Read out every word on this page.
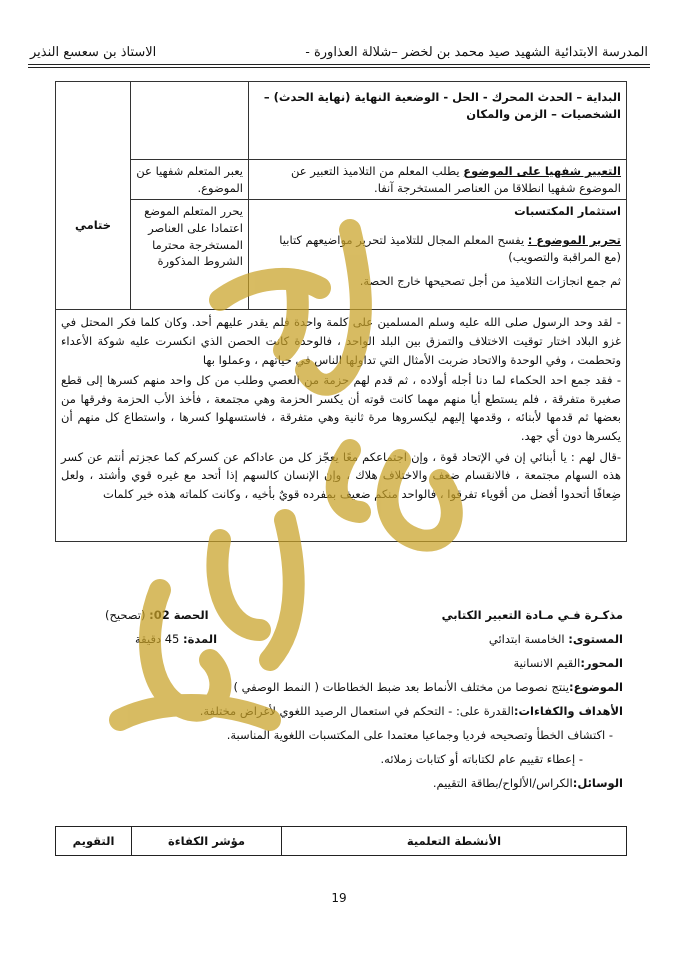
المدرسة الابتدائية الشهيد صيد محمد بن لخضر –شلالة العذاورة -
الاستاذ بن سعسع النذير
البداية – الحدث المحرك - الحل - الوضعية النهاية (نهاية الحدث) –
الشخصيات – الزمن والمكان		ختامي

التعبير شفهيا على الموضوع يطلب المعلم من التلاميذ التعبير عن الموضوع شفهيا انطلاقا من العناصر المستخرجة آنفا.	يعبر المتعلم شفهيا عن الموضوع.	

استثمار المكتسبات
تحرير الموضوع : يفسح المعلم المجال للتلاميذ لتحرير مواضيعهم كتابيا
(مع المراقبة والتصويب)
ثم جمع انجازات التلاميذ من أجل تصحيحها خارج الحصة.	يحرر المتعلم الموضع اعتمادا على العناصر المستخرجة محترما الشروط المذكورة	

- لقد وحد الرسول صلى الله عليه وسلم المسلمين على كلمة واحدة فلم يقدر عليهم أحد. وكان كلما فكر المحتل في غزو البلاد اختار توقيت الاختلاف والتمزق بين البلد الواحد ، فالوحدة كانت الحصن الذي انكسرت عليه شوكة الأعداء وتحطمت ، وفي الوحدة والاتحاد ضربت الأمثال التي تداولها الناس في حياتهم ، وعملوا بها

- فقد جمع احد الحكماء لما دنا أجله أولاده ، ثم قدم لهم حزمة من العصي وطلب من كل واحد منهم كسرها إلى قطع صغيرة متفرقة ، فلم يستطع أيا منهم مهما كانت قوته أن يكسر الحزمة وهي مجتمعة ، فأخذ الأب الحزمة وفرقها من بعضها ثم قدمها لأبنائه ، وقدمها إليهم ليكسروها مرة ثانية وهي متفرقة ، فاستسهلوا كسرها ، واستطاع كل منهم أن يكسرها دون أي جهد.

-قال لهم : يا أبنائي إن في الإتحاد قوة ، وإن اجتماعكم معًا يعجّز كل من عاداكم عن كسركم كما عجزتم أنتم عن كسر هذه السهام مجتمعة ، فالانقسام ضعف والاختلاف هلاك ، وإن الإنسان كالسهم إذا أتحد مع غيره قوي وأشتد ، ولعل ضِعافًا أتحدوا أفضل من أقوياء تفرقوا ، فالواحد منكم ضعيف بمفرده قويٌ بأخيه ، وكانت كلماته هذه خير كلمات		

مذكـرة فـي مـادة التعبير الكتابي
الحصة 02: (تصحيح)
المستوى: الخامسة ابتدائي
المدة: 45 دقيقة
المحور:
القيم الانسانية
الموضوع:
ينتج نصوصا من مختلف الأنماط بعد ضبط الخطاطات ( النمط الوصفي )
الأهداف والكفاءات:
القدرة على: - التحكم في استعمال الرصيد اللغوي لأغراض مختلفة.
- اكتشاف الخطأ وتصحيحه فرديا وجماعيا معتمدا على المكتسبات اللغوية المناسبة.
- إعطاء تقييم عام لكتاباته أو كتابات زملائه.
الوسائل:
الكراس/الألواح/بطاقة التقييم.
الأنشطة التعلمية	مؤشر الكفاءة	التقويم
19
